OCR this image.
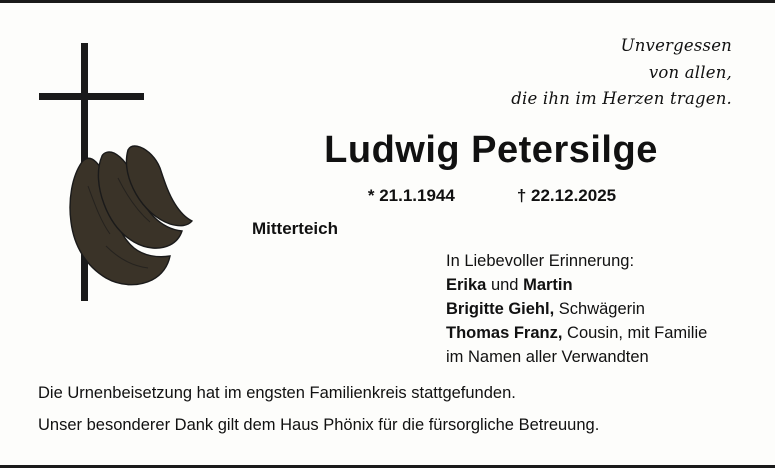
Unvergessen
von allen,
die ihn im Herzen tragen.
Ludwig Petersilge
* 21.1.1944	† 22.12.2025
Mitterteich
In Liebevoller Erinnerung:
Erika und Martin
Brigitte Giehl, Schwägerin
Thomas Franz, Cousin, mit Familie
im Namen aller Verwandten
Die Urnenbeisetzung hat im engsten Familienkreis stattgefunden.
Unser besonderer Dank gilt dem Haus Phönix für die fürsorgliche Betreuung.
